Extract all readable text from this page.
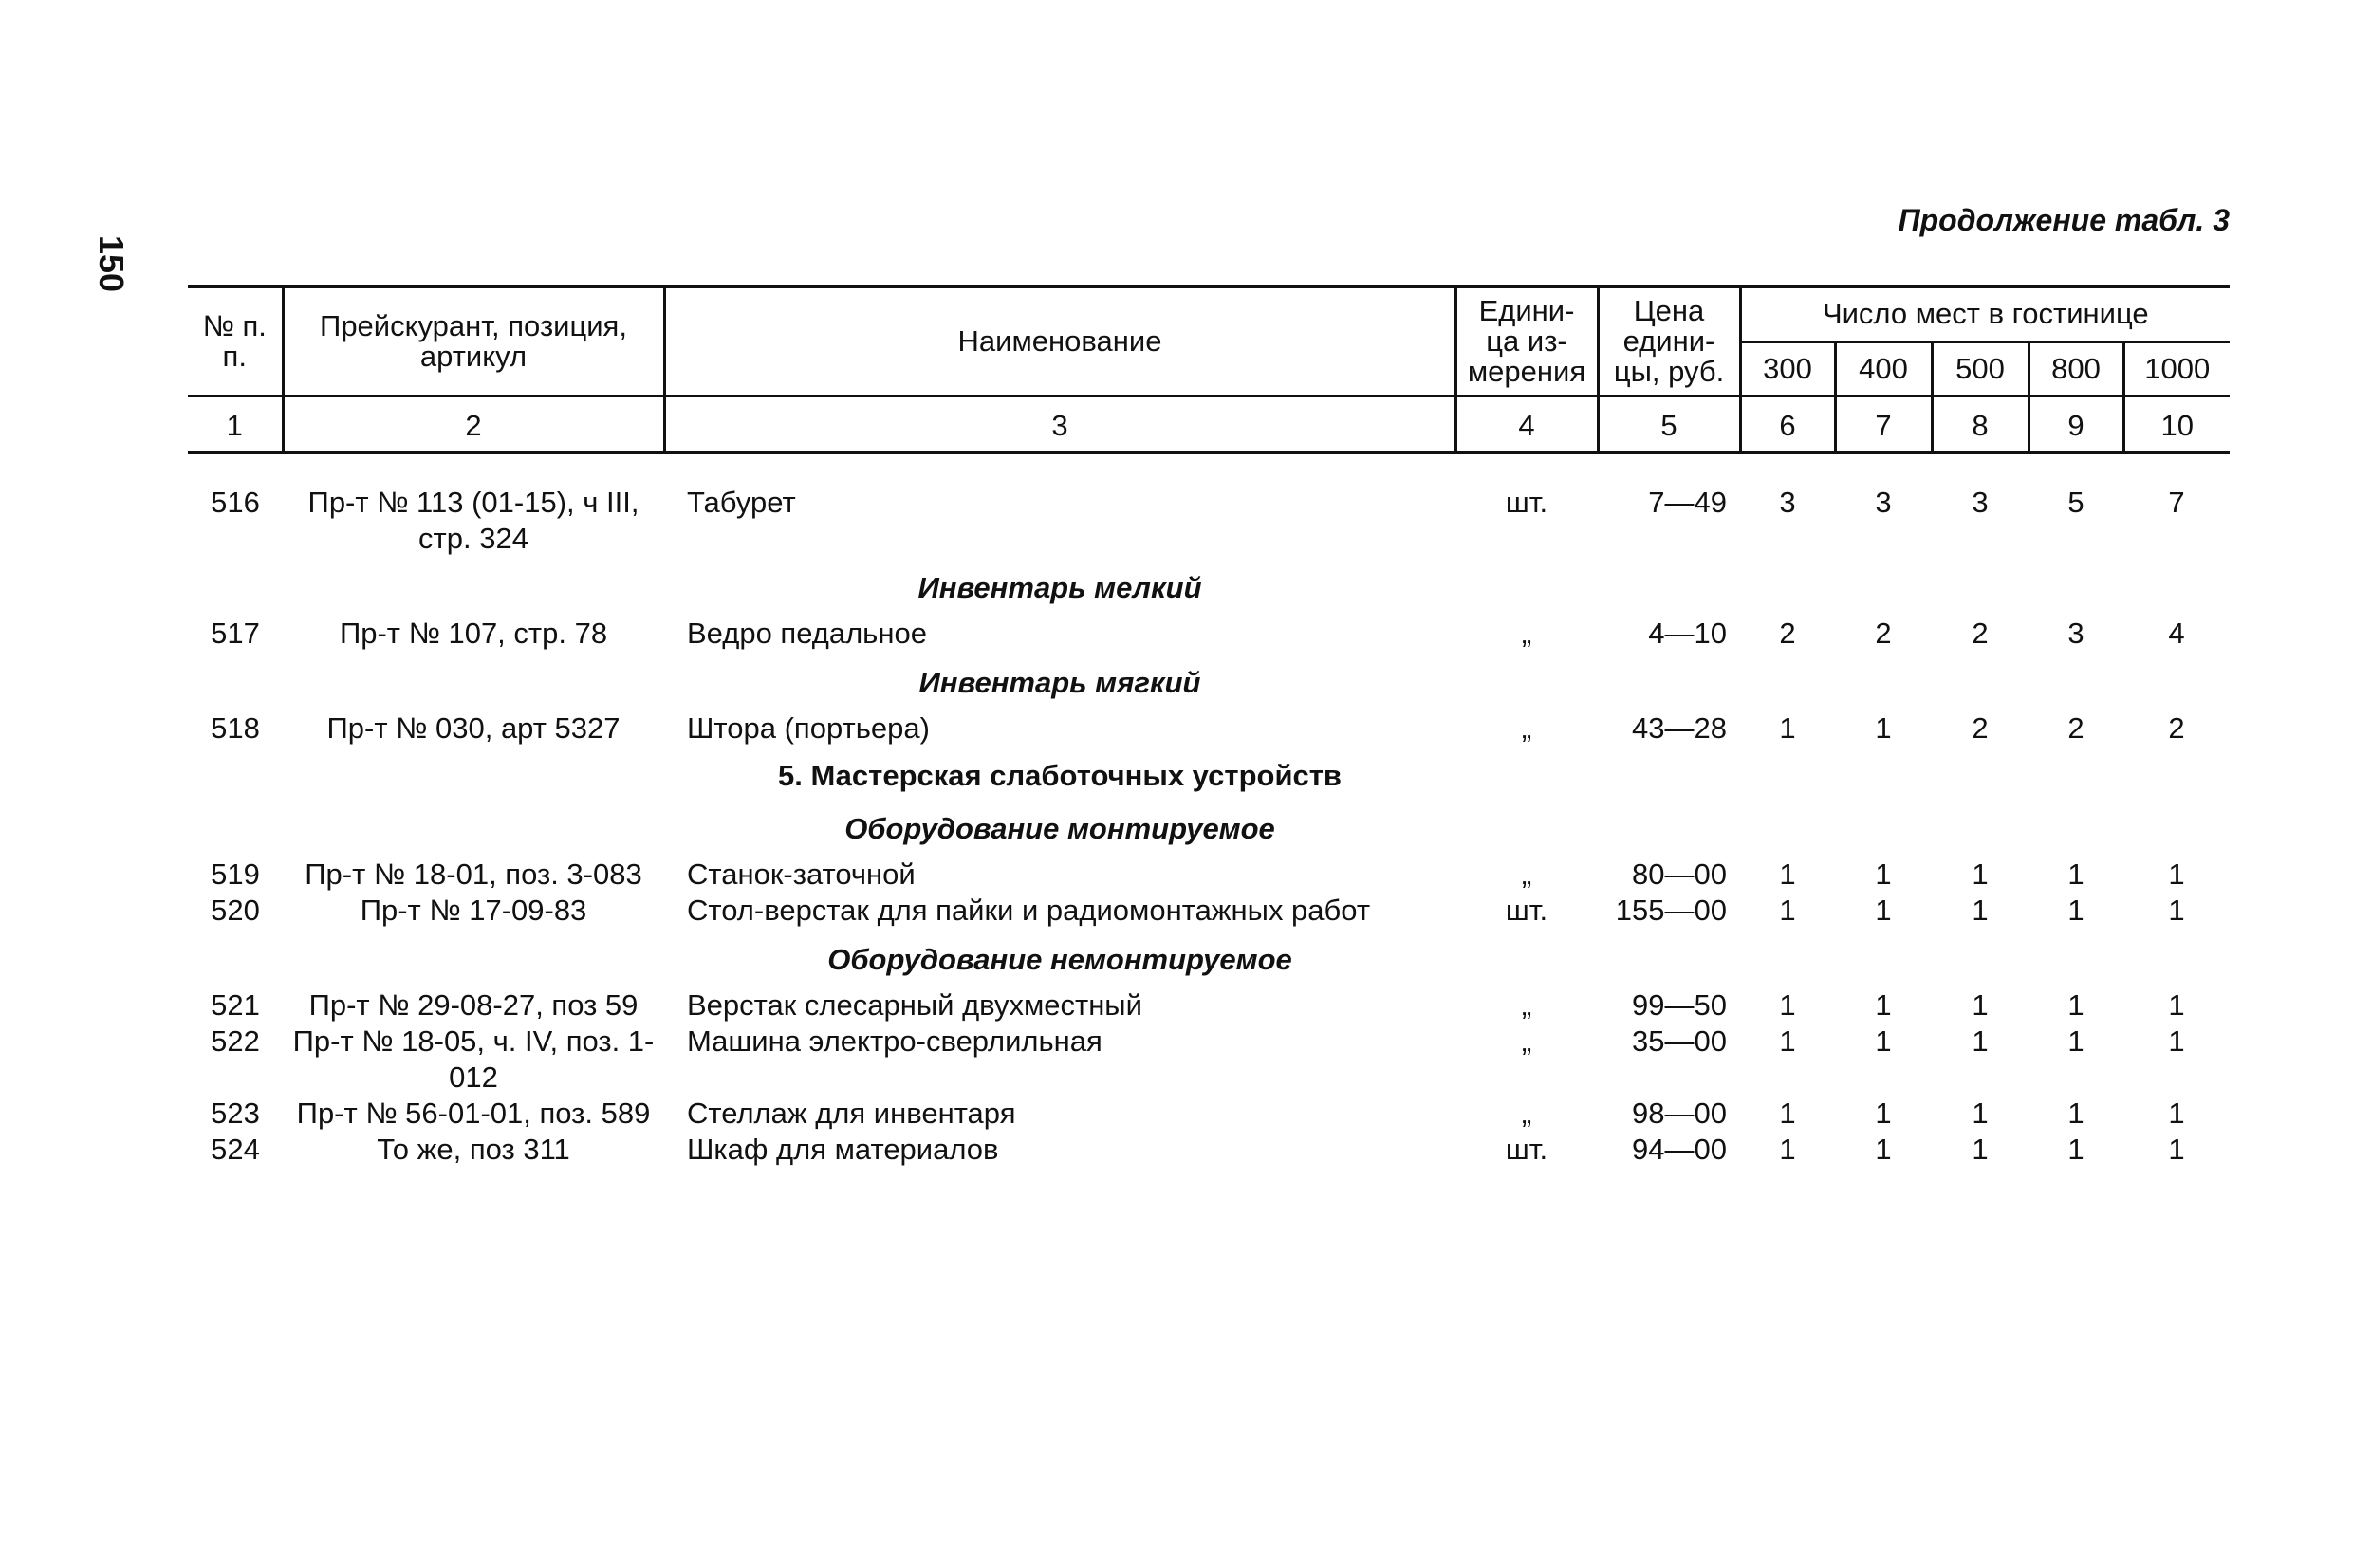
150
Продолжение табл. 3
№ п. п.	Прейскурант, позиция, артикул	Наименование	Едини- ца из- мерения	Цена едини- цы, руб.	Число мест в гостинице				
					300	400	500	800	1000
1	2	3	4	5	6	7	8	9	10

516	Пр-т № 113 (01-15), ч III, стр. 324	Табурет	шт.	7—49	3	3	3	5	7
		Инвентарь мелкий							
517	Пр-т № 107, стр. 78	Ведро педальное	„	4—10	2	2	2	3	4
		Инвентарь мягкий							
518	Пр-т № 030, арт 5327	Штора (портьера)	„	43—28	1	1	2	2	2
		5. Мастерская слаботочных устройств							
		Оборудование монтируемое							
519	Пр-т № 18-01, поз. 3-083	Станок-заточной	„	80—00	1	1	1	1	1
520	Пр-т № 17-09-83	Стол-верстак для пайки и радиомонтажных работ	шт.	155—00	1	1	1	1	1
		Оборудование немонтируемое							
521	Пр-т № 29-08-27, поз 59	Верстак слесарный двухместный	„	99—50	1	1	1	1	1
522	Пр-т № 18-05, ч. IV, поз. 1-012	Машина электро-сверлильная	„	35—00	1	1	1	1	1
523	Пр-т № 56-01-01, поз. 589	Стеллаж для инвентаря	„	98—00	1	1	1	1	1
524	То же, поз 311	Шкаф для материалов	шт.	94—00	1	1	1	1	1
